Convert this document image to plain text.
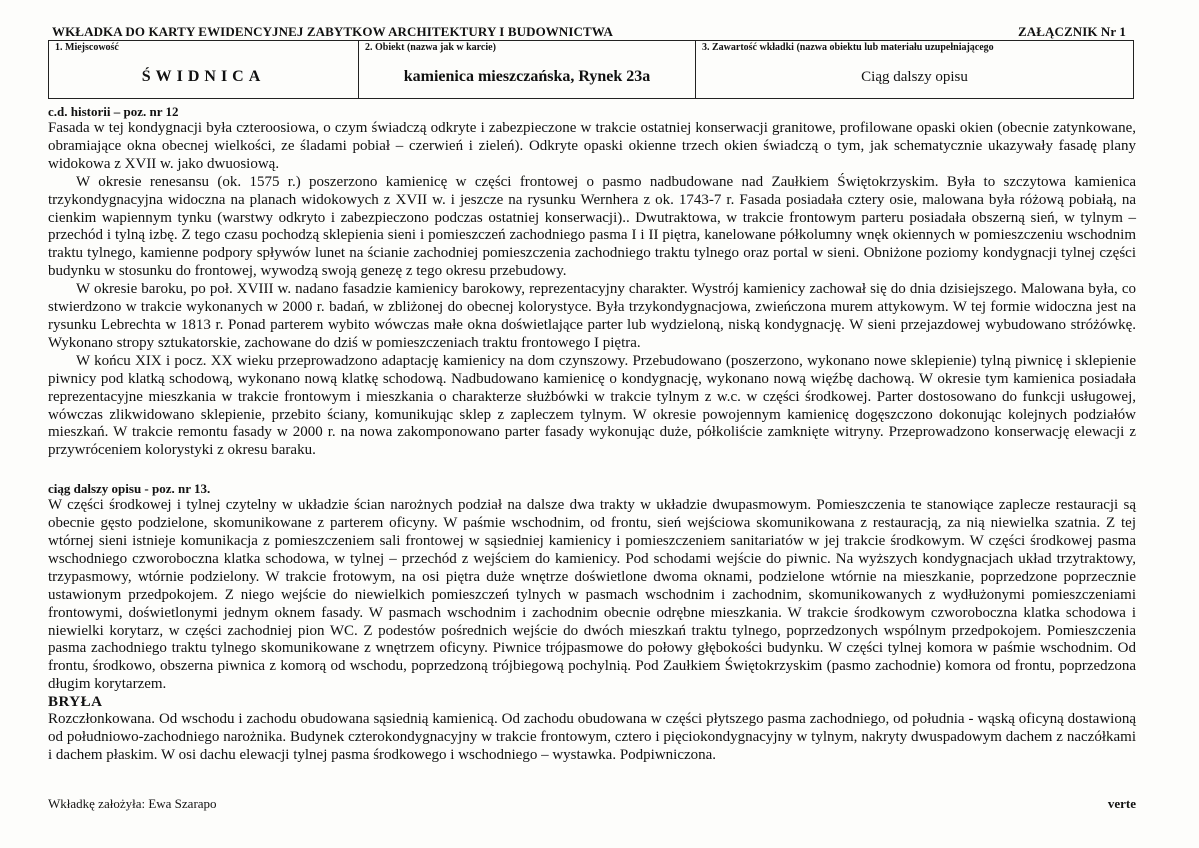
WKŁADKA DO KARTY EWIDENCYJNEJ ZABYTKOW ARCHITEKTURY I BUDOWNICTWA	ZAŁĄCZNIK Nr 1
1. Miejscowość
ŚWIDNICA

2. Obiekt (nazwa jak w karcie)
kamienica mieszczańska, Rynek 23a

3. Zawartość wkładki (nazwa obiektu lub materiału uzupełniającego
Ciąg dalszy opisu
c.d. historii – poz. nr 12

Fasada w tej kondygnacji była czteroosiowa, o czym świadczą odkryte i zabezpieczone w trakcie ostatniej konserwacji granitowe, profilowane opaski okien (obecnie zatynkowane, obramiające okna obecnej wielkości, ze śladami pobiał – czerwień i zieleń). Odkryte opaski okienne trzech okien świadczą o tym, jak schematycznie ukazywały fasadę plany widokowa z XVII w. jako dwuosiową.

W okresie renesansu (ok. 1575 r.) poszerzono kamienicę w części frontowej o pasmo nadbudowane nad Zaułkiem Świętokrzyskim. Była to szczytowa kamienica trzykondygnacyjna widoczna na planach widokowych z XVII w. i jeszcze na rysunku Wernhera z ok. 1743-7 r. Fasada posiadała cztery osie, malowana była różową pobiałą, na cienkim wapiennym tynku (warstwy odkryto i zabezpieczono podczas ostatniej konserwacji).. Dwutraktowa, w trakcie frontowym parteru posiadała obszerną sień, w tylnym – przechód i tylną izbę. Z tego czasu pochodzą sklepienia sieni i pomieszczeń zachodniego pasma I i II piętra, kanelowane półkolumny wnęk okiennych w pomieszczeniu wschodnim traktu tylnego, kamienne podpory spływów lunet na ścianie zachodniej pomieszczenia zachodniego traktu tylnego oraz portal w sieni. Obniżone poziomy kondygnacji tylnej części budynku w stosunku do frontowej, wywodzą swoją genezę z tego okresu przebudowy.

W okresie baroku, po poł. XVIII w. nadano fasadzie kamienicy barokowy, reprezentacyjny charakter. Wystrój kamienicy zachował się do dnia dzisiejszego. Malowana była, co stwierdzono w trakcie wykonanych w 2000 r. badań, w zbliżonej do obecnej kolorystyce. Była trzykondygnacjowa, zwieńczona murem attykowym. W tej formie widoczna jest na rysunku Lebrechta w 1813 r. Ponad parterem wybito wówczas małe okna doświetlające parter lub wydzieloną, niską kondygnację. W sieni przejazdowej wybudowano stróżówkę. Wykonano stropy sztukatorskie, zachowane do dziś w pomieszczeniach traktu frontowego I piętra.

W końcu XIX i pocz. XX wieku przeprowadzono adaptację kamienicy na dom czynszowy. Przebudowano (poszerzono, wykonano nowe sklepienie) tylną piwnicę i sklepienie piwnicy pod klatką schodową, wykonano nową klatkę schodową. Nadbudowano kamienicę o kondygnację, wykonano nową więźbę dachową. W okresie tym kamienica posiadała reprezentacyjne mieszkania w trakcie frontowym i mieszkania o charakterze służbówki w trakcie tylnym z w.c. w części środkowej. Parter dostosowano do funkcji usługowej, wówczas zlikwidowano sklepienie, przebito ściany, komunikując sklep z zapleczem tylnym. W okresie powojennym kamienicę dogęszczono dokonując kolejnych podziałów mieszkań. W trakcie remontu fasady w 2000 r. na nowa zakomponowano parter fasady wykonując duże, półkoliście zamknięte witryny. Przeprowadzono konserwację elewacji z przywróceniem kolorystyki z okresu baraku.

ciąg dalszy opisu - poz. nr 13.

W części środkowej i tylnej czytelny w układzie ścian narożnych podział na dalsze dwa trakty w układzie dwupasmowym. Pomieszczenia te stanowiące zaplecze restauracji są obecnie gęsto podzielone, skomunikowane z parterem oficyny. W paśmie wschodnim, od frontu, sień wejściowa skomunikowana z restauracją, za nią niewielka szatnia. Z tej wtórnej sieni istnieje komunikacja z pomieszczeniem sali frontowej w sąsiedniej kamienicy i pomieszczeniem sanitariatów w jej trakcie środkowym. W części środkowej pasma wschodniego czworoboczna klatka schodowa, w tylnej – przechód z wejściem do kamienicy. Pod schodami wejście do piwnic. Na wyższych kondygnacjach układ trzytraktowy, trzypasmowy, wtórnie podzielony. W trakcie frotowym, na osi piętra duże wnętrze doświetlone dwoma oknami, podzielone wtórnie na mieszkanie, poprzedzone poprzecznie ustawionym przedpokojem. Z niego wejście do niewielkich pomieszczeń tylnych w pasmach wschodnim i zachodnim, skomunikowanych z wydłużonymi pomieszczeniami frontowymi, doświetlonymi jednym oknem fasady. W pasmach wschodnim i zachodnim obecnie odrębne mieszkania. W trakcie środkowym czworoboczna klatka schodowa i niewielki korytarz, w części zachodniej pion WC. Z podestów pośrednich wejście do dwóch mieszkań traktu tylnego, poprzedzonych wspólnym przedpokojem. Pomieszczenia pasma zachodniego traktu tylnego skomunikowane z wnętrzem oficyny. Piwnice trójpasmowe do połowy głębokości budynku. W części tylnej komora w paśmie wschodnim. Od frontu, środkowo, obszerna piwnica z komorą od wschodu, poprzedzoną trójbiegową pochylnią. Pod Zaułkiem Świętokrzyskim (pasmo zachodnie) komora od frontu, poprzedzona długim korytarzem.

BRYŁA

Rozczłonkowana. Od wschodu i zachodu obudowana sąsiednią kamienicą. Od zachodu obudowana w części płytszego pasma zachodniego, od południa - wąską oficyną dostawioną od południowo-zachodniego narożnika. Budynek czterokondygnacyjny w trakcie frontowym, cztero i pięciokondygnacyjny w tylnym, nakryty dwuspadowym dachem z naczółkami i dachem płaskim. W osi dachu elewacji tylnej pasma środkowego i wschodniego – wystawka. Podpiwniczona.

Wkładkę założyła: Ewa Szarapo	verte
